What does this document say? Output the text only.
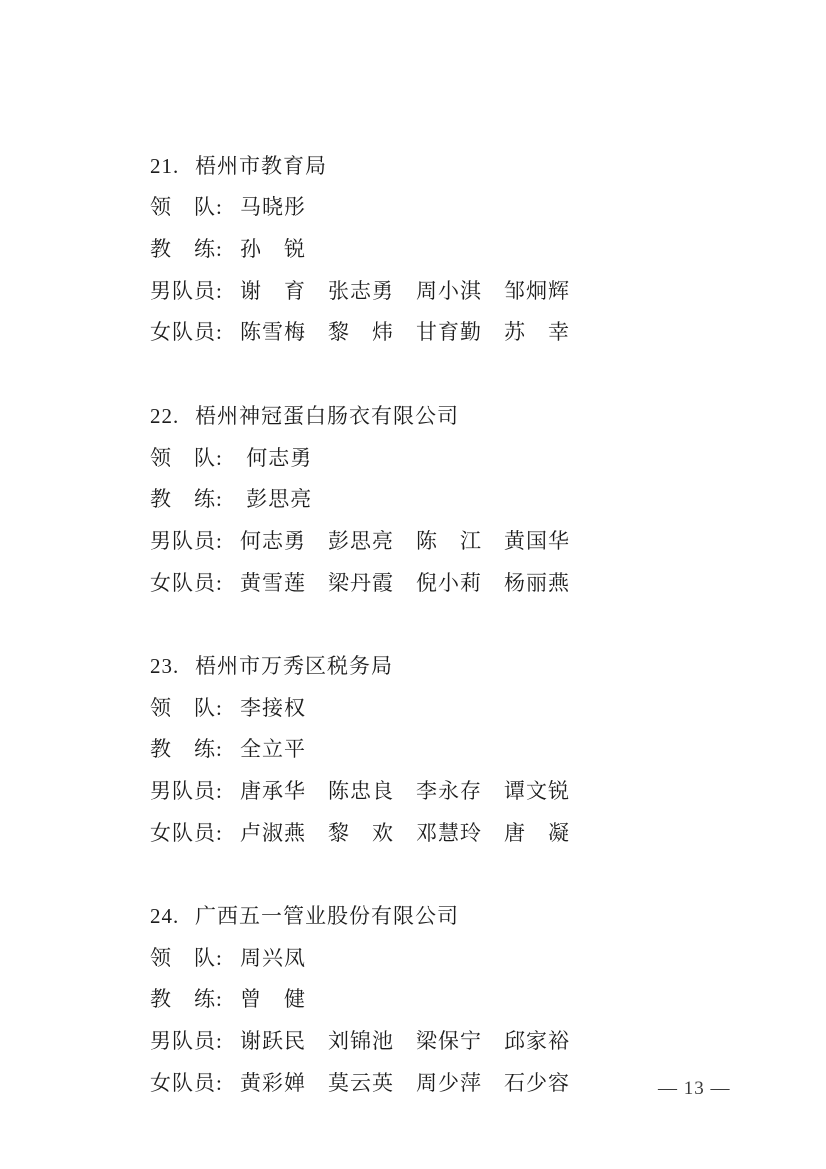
21. 梧州市教育局

领　队: 马晓彤

教　练: 孙　锐

男队员: 谢　育　张志勇　周小淇　邹炯辉

女队员: 陈雪梅　黎　炜　甘育勤　苏　幸

22. 梧州神冠蛋白肠衣有限公司

领　队: 何志勇

教　练: 彭思亮

男队员: 何志勇　彭思亮　陈　江　黄国华

女队员: 黄雪莲　梁丹霞　倪小莉　杨丽燕

23. 梧州市万秀区税务局

领　队: 李接权

教　练: 全立平

男队员: 唐承华　陈忠良　李永存　谭文锐

女队员: 卢淑燕　黎　欢　邓慧玲　唐　凝

24. 广西五一管业股份有限公司

领　队: 周兴凤

教　练: 曾　健

男队员: 谢跃民　刘锦池　梁保宁　邱家裕

女队员: 黄彩婵　莫云英　周少萍　石少容
	— 13 —
